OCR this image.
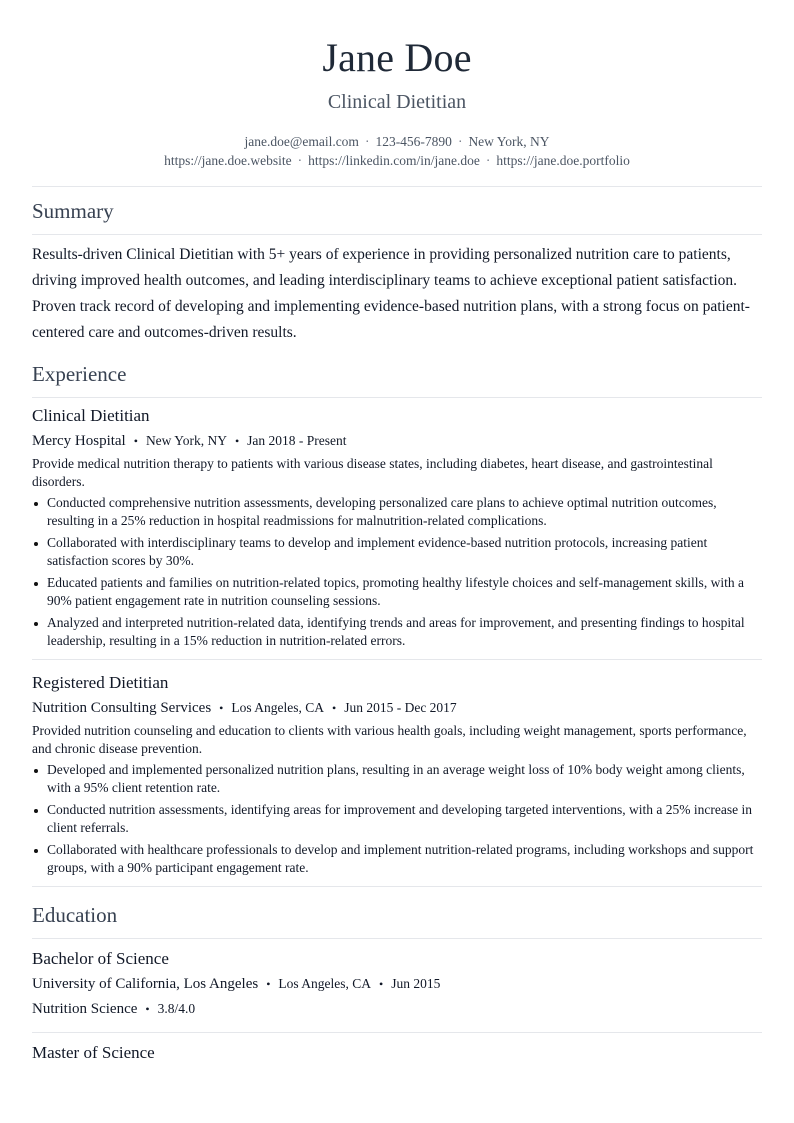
Jane Doe
Clinical Dietitian
jane.doe@email.com · 123-456-7890 · New York, NY
https://jane.doe.website · https://linkedin.com/in/jane.doe · https://jane.doe.portfolio
Summary

Results-driven Clinical Dietitian with 5+ years of experience in providing personalized nutrition care to patients, driving improved health outcomes, and leading interdisciplinary teams to achieve exceptional patient satisfaction. Proven track record of developing and implementing evidence-based nutrition plans, with a strong focus on patient-centered care and outcomes-driven results.

Experience
Clinical Dietitian
Mercy Hospital • New York, NY • Jan 2018 - Present
Provide medical nutrition therapy to patients with various disease states, including diabetes, heart disease, and gastrointestinal disorders.
Conducted comprehensive nutrition assessments, developing personalized care plans to achieve optimal nutrition outcomes, resulting in a 25% reduction in hospital readmissions for malnutrition-related complications.
Collaborated with interdisciplinary teams to develop and implement evidence-based nutrition protocols, increasing patient satisfaction scores by 30%.
Educated patients and families on nutrition-related topics, promoting healthy lifestyle choices and self-management skills, with a 90% patient engagement rate in nutrition counseling sessions.
Analyzed and interpreted nutrition-related data, identifying trends and areas for improvement, and presenting findings to hospital leadership, resulting in a 15% reduction in nutrition-related errors.
Registered Dietitian
Nutrition Consulting Services • Los Angeles, CA • Jun 2015 - Dec 2017
Provided nutrition counseling and education to clients with various health goals, including weight management, sports performance, and chronic disease prevention.
Developed and implemented personalized nutrition plans, resulting in an average weight loss of 10% body weight among clients, with a 95% client retention rate.
Conducted nutrition assessments, identifying areas for improvement and developing targeted interventions, with a 25% increase in client referrals.
Collaborated with healthcare professionals to develop and implement nutrition-related programs, including workshops and support groups, with a 90% participant engagement rate.
Education
Bachelor of Science
University of California, Los Angeles • Los Angeles, CA • Jun 2015
Nutrition Science • 3.8/4.0
Master of Science
